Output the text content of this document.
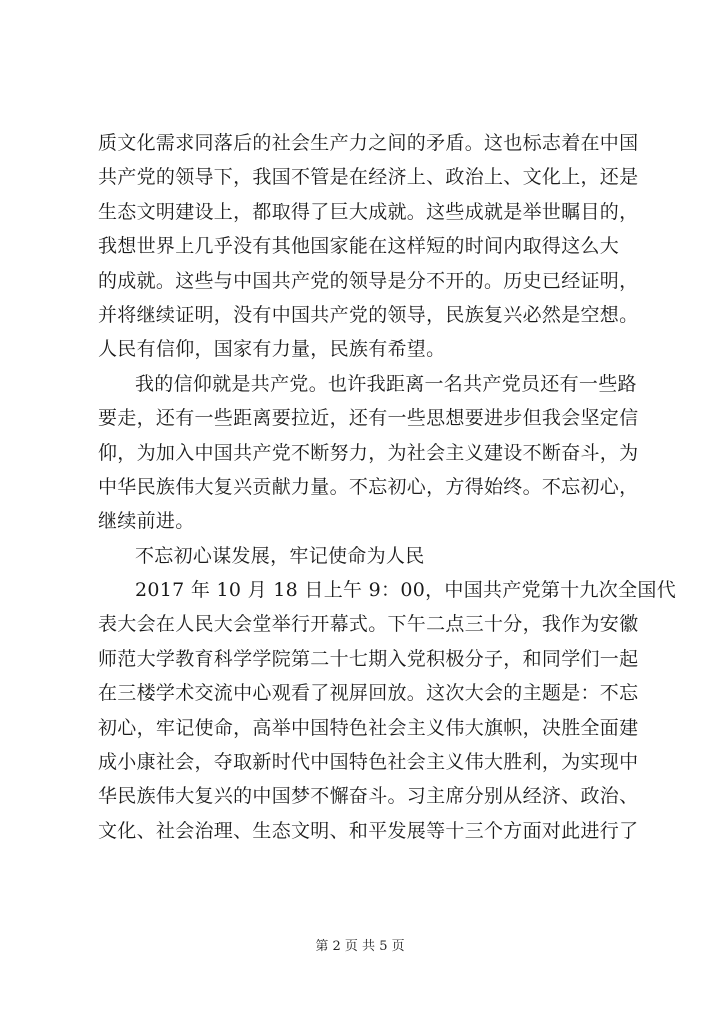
质文化需求同落后的社会生产力之间的矛盾。这也标志着在中国
共产党的领导下，我国不管是在经济上、政治上、文化上，还是
生态文明建设上，都取得了巨大成就。这些成就是举世瞩目的，
我想世界上几乎没有其他国家能在这样短的时间内取得这么大
的成就。这些与中国共产党的领导是分不开的。历史已经证明，
并将继续证明，没有中国共产党的领导，民族复兴必然是空想。
人民有信仰，国家有力量，民族有希望。
我的信仰就是共产党。也许我距离一名共产党员还有一些路
要走，还有一些距离要拉近，还有一些思想要进步但我会坚定信
仰，为加入中国共产党不断努力，为社会主义建设不断奋斗，为
中华民族伟大复兴贡献力量。不忘初心，方得始终。不忘初心，
继续前进。
不忘初心谋发展，牢记使命为人民
2017 年 10 月 18 日上午 9：00，中国共产党第十九次全国代
表大会在人民大会堂举行开幕式。下午二点三十分，我作为安徽
师范大学教育科学学院第二十七期入党积极分子，和同学们一起
在三楼学术交流中心观看了视屏回放。这次大会的主题是：不忘
初心，牢记使命，高举中国特色社会主义伟大旗帜，决胜全面建
成小康社会，夺取新时代中国特色社会主义伟大胜利，为实现中
华民族伟大复兴的中国梦不懈奋斗。习主席分别从经济、政治、
文化、社会治理、生态文明、和平发展等十三个方面对此进行了
第 2 页 共 5 页
